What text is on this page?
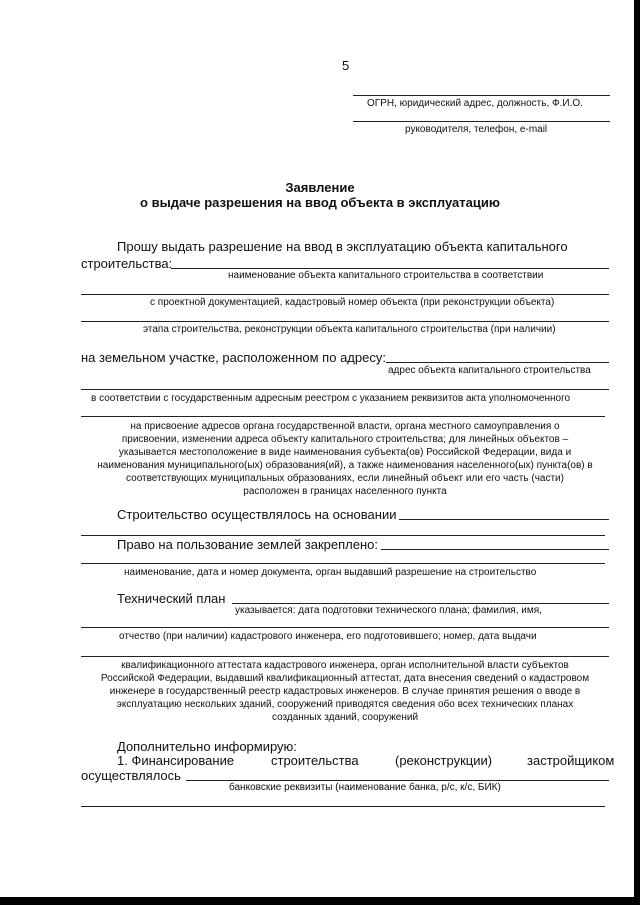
5
ОГРН, юридический адрес, должность, Ф.И.О.
руководителя, телефон, e-mail
Заявление
о выдаче разрешения на ввод объекта в эксплуатацию
Прошу выдать разрешение на ввод в эксплуатацию объекта капитального
строительства:
наименование объекта капитального строительства в соответствии
с проектной документацией, кадастровый номер объекта (при реконструкции объекта)
этапа строительства, реконструкции объекта капитального строительства (при наличии)
на земельном участке, расположенном по адресу:
адрес объекта капитального строительства
в соответствии с государственным адресным реестром с указанием реквизитов акта уполномоченного
на присвоение адресов органа государственной власти, органа местного самоуправления о
присвоении, изменении адреса объекту капитального строительства; для линейных объектов –
указывается местоположение в виде наименования субъекта(ов) Российской Федерации, вида и
наименования муниципального(ых) образования(ий), а также наименования населенного(ых) пункта(ов) в
соответствующих муниципальных образованиях, если линейный объект или его часть (части)
расположен в границах населенного пункта
Строительство осуществлялось на основании
Право на пользование землей закреплено:
наименование, дата и номер документа, орган выдавший разрешение на строительство
Технический план
указывается: дата подготовки технического плана; фамилия, имя,
отчество (при наличии) кадастрового инженера, его подготовившего; номер, дата выдачи
квалификационного аттестата кадастрового инженера, орган исполнительной власти субъектов
Российской Федерации, выдавший квалификационный аттестат, дата внесения сведений о кадастровом
инженере в государственный реестр кадастровых инженеров. В случае принятия решения о вводе в
эксплуатацию нескольких зданий, сооружений приводятся сведения обо всех технических планах
созданных зданий, сооружений
Дополнительно информирую:
1. Финансирование	строительства	(реконструкции)	застройщиком
осуществлялось
банковские реквизиты (наименование банка, р/с, к/с, БИК)
